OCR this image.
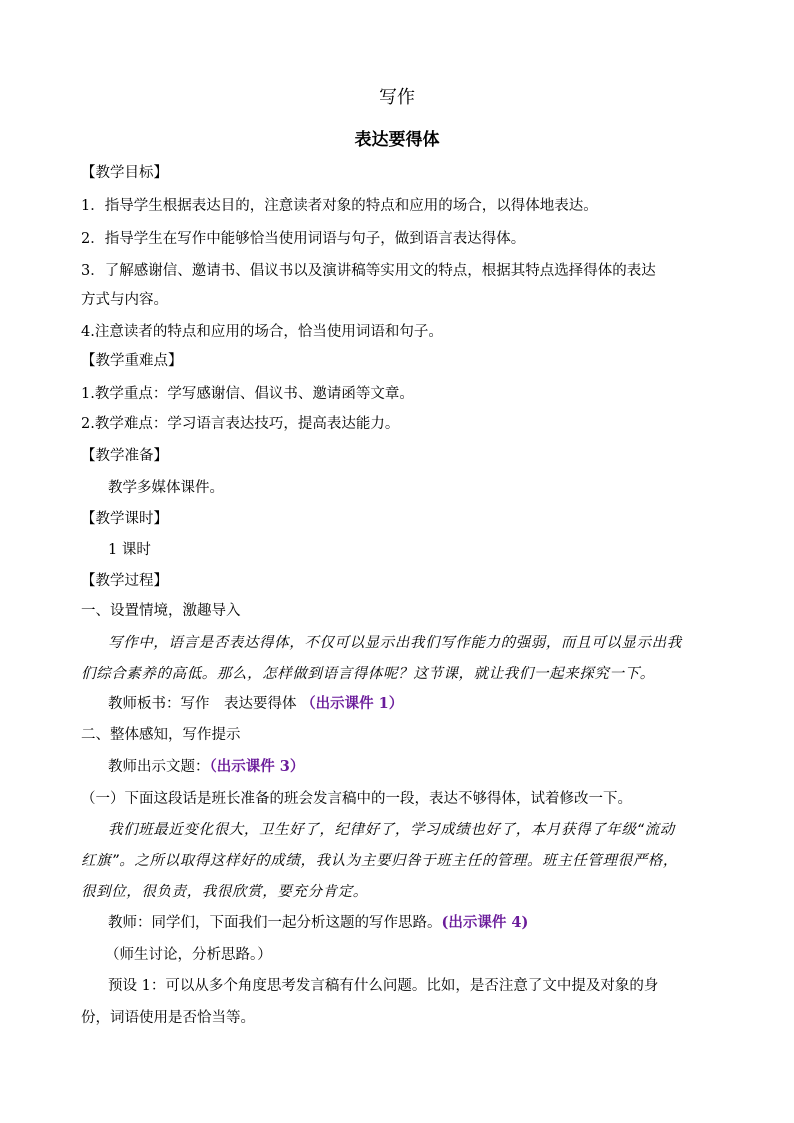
写作
表达要得体
【教学目标】
1．指导学生根据表达目的，注意读者对象的特点和应用的场合，以得体地表达。
2．指导学生在写作中能够恰当使用词语与句子，做到语言表达得体。
3．了解感谢信、邀请书、倡议书以及演讲稿等实用文的特点，根据其特点选择得体的表达
方式与内容。
4.注意读者的特点和应用的场合，恰当使用词语和句子。
【教学重难点】
1.教学重点：学写感谢信、倡议书、邀请函等文章。
2.教学难点：学习语言表达技巧，提高表达能力。
【教学准备】
教学多媒体课件。
【教学课时】
1 课时
【教学过程】
一、设置情境，激趣导入
写作中，语言是否表达得体，不仅可以显示出我们写作能力的强弱，而且可以显示出我
们综合素养的高低。那么，怎样做到语言得体呢？这节课，就让我们一起来探究一下。
教师板书：写作　表达要得体 （出示课件 1）
二、整体感知，写作提示
教师出示文题：（出示课件 3）
（一）下面这段话是班长准备的班会发言稿中的一段，表达不够得体，试着修改一下。
我们班最近变化很大，卫生好了，纪律好了，学习成绩也好了，本月获得了年级“流动
红旗”。之所以取得这样好的成绩，我认为主要归咎于班主任的管理。班主任管理很严格，
很到位，很负责，我很欣赏，要充分肯定。
教师：同学们，下面我们一起分析这题的写作思路。(出示课件 4)
（师生讨论，分析思路。）
预设 1：可以从多个角度思考发言稿有什么问题。比如，是否注意了文中提及对象的身
份，词语使用是否恰当等。
